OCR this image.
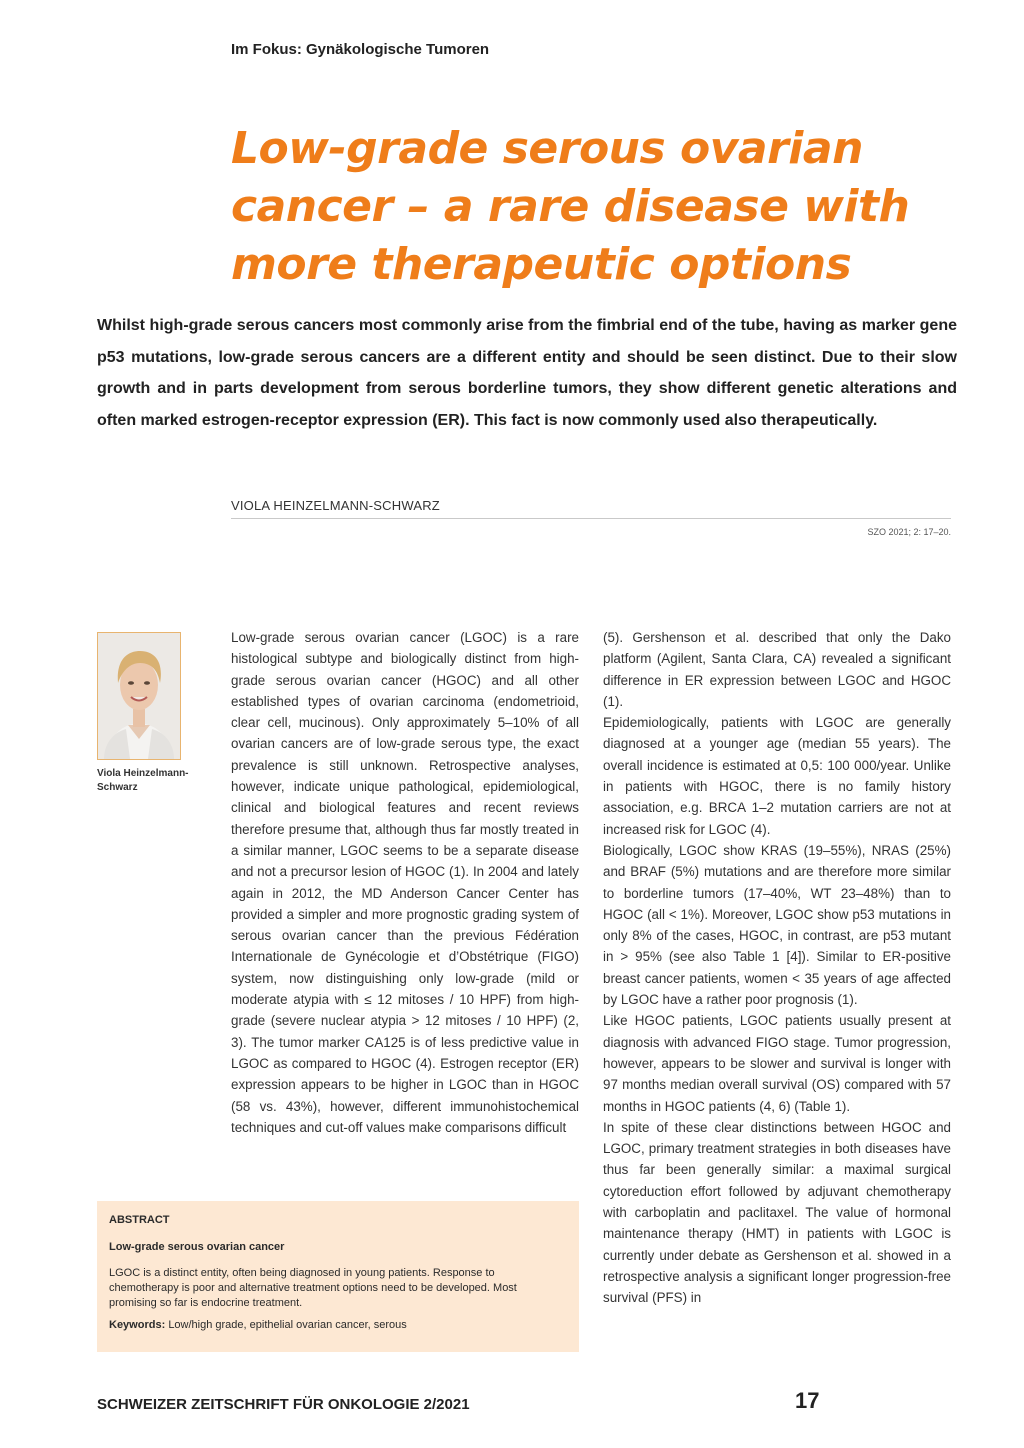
Im Fokus: Gynäkologische Tumoren
Low-grade serous ovarian
cancer – a rare disease with
more therapeutic options

Whilst high-grade serous cancers most commonly arise from the fimbrial end of the tube, having as marker gene p53 mutations, low-grade serous cancers are a different entity and should be seen distinct. Due to their slow growth and in parts development from serous borderline tumors, they show different genetic alterations and often marked estrogen-receptor expression (ER). This fact is now commonly used also therapeutically.

VIOLA HEINZELMANN-SCHWARZ
SZO 2021; 2: 17–20.

Viola Heinzelmann-Schwarz

Low-grade serous ovarian cancer (LGOC) is a rare histological subtype and biologically distinct from high-grade serous ovarian cancer (HGOC) and all other established types of ovarian carcinoma (endometrioid, clear cell, mucinous). Only approximately 5–10% of all ovarian cancers are of low-grade serous type, the exact prevalence is still unknown. Retrospective analyses, however, indicate unique pathological, epidemiological, clinical and biological features and recent reviews therefore presume that, although thus far mostly treated in a similar manner, LGOC seems to be a separate disease and not a precursor lesion of HGOC (1). In 2004 and lately again in 2012, the MD Anderson Cancer Center has provided a simpler and more prognostic grading system of serous ovarian cancer than the previous Fédération Internationale de Gynécologie et d’Obstétrique (FIGO) system, now distinguishing only low-grade (mild or moderate atypia with ≤ 12 mitoses / 10 HPF) from high-grade (severe nuclear atypia > 12 mitoses / 10 HPF) (2, 3). The tumor marker CA125 is of less predictive value in LGOC as compared to HGOC (4). Estrogen receptor (ER) expression appears to be higher in LGOC than in HGOC (58 vs. 43%), however, different immunohistochemical techniques and cut-off values make comparisons difficult

(5). Gershenson et al. described that only the Dako platform (Agilent, Santa Clara, CA) revealed a significant difference in ER expression between LGOC and HGOC (1).

Epidemiologically, patients with LGOC are generally diagnosed at a younger age (median 55 years). The overall incidence is estimated at 0,5: 100 000/year. Unlike in patients with HGOC, there is no family history association, e.g. BRCA 1–2 mutation carriers are not at increased risk for LGOC (4).

Biologically, LGOC show KRAS (19–55%), NRAS (25%) and BRAF (5%) mutations and are therefore more similar to borderline tumors (17–40%, WT 23–48%) than to HGOC (all < 1%). Moreover, LGOC show p53 mutations in only 8% of the cases, HGOC, in contrast, are p53 mutant in > 95% (see also Table 1 [4]). Similar to ER-positive breast cancer patients, women < 35 years of age affected by LGOC have a rather poor prognosis (1).

Like HGOC patients, LGOC patients usually present at diagnosis with advanced FIGO stage. Tumor progression, however, appears to be slower and survival is longer with 97 months median overall survival (OS) compared with 57 months in HGOC patients (4, 6) (Table 1).

In spite of these clear distinctions between HGOC and LGOC, primary treatment strategies in both diseases have thus far been generally similar: a maximal surgical cytoreduction effort followed by adjuvant chemotherapy with carboplatin and paclitaxel. The value of hormonal maintenance therapy (HMT) in patients with LGOC is currently under debate as Gershenson et al. showed in a retrospective analysis a significant longer progression-free survival (PFS) in

ABSTRACT

Low-grade serous ovarian cancer

LGOC is a distinct entity, often being diagnosed in young patients. Response to chemotherapy is poor and alternative treatment options need to be developed. Most promising so far is endocrine treatment.

Keywords: Low/high grade, epithelial ovarian cancer, serous

SCHWEIZER ZEITSCHRIFT FÜR ONKOLOGIE 2/2021	17
